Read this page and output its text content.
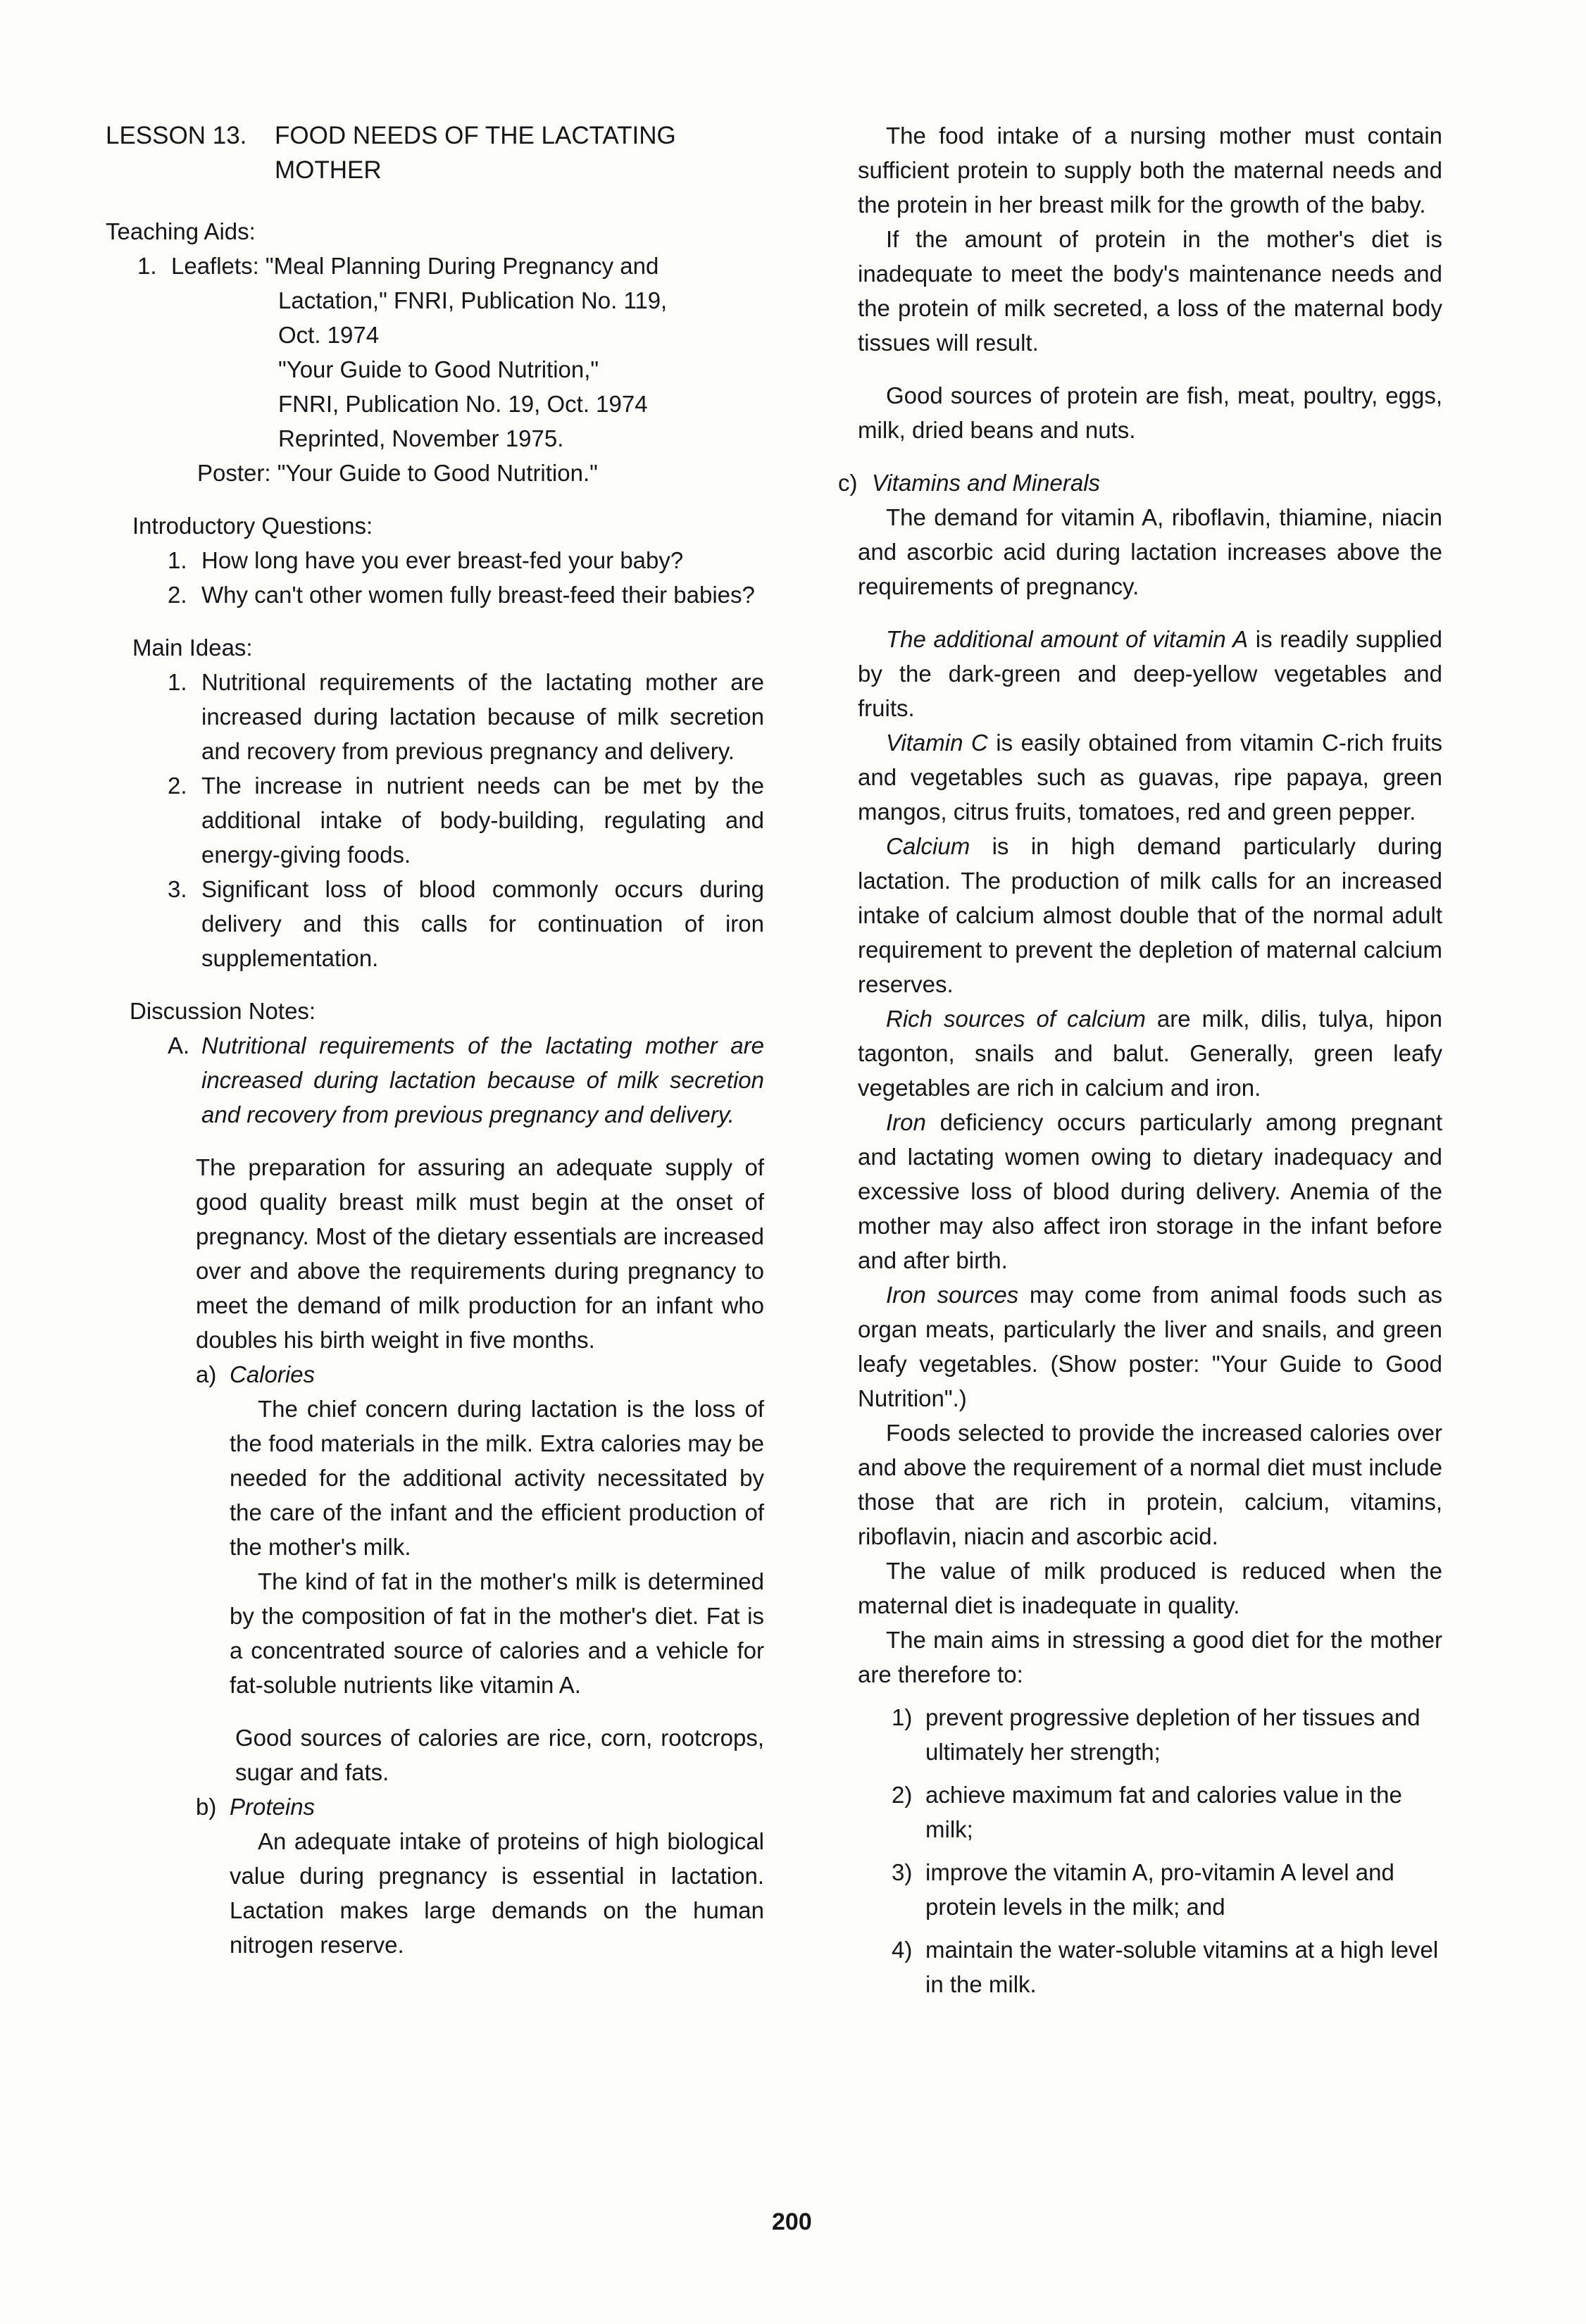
LESSON 13.	FOOD NEEDS OF THE LACTATING
MOTHER

Teaching Aids:

1. Leaflets: "Meal Planning During Pregnancy and

Lactation," FNRI, Publication No. 119,

Oct. 1974

"Your Guide to Good Nutrition,"

FNRI, Publication No. 19, Oct. 1974

Reprinted, November 1975.

Poster: "Your Guide to Good Nutrition."

Introductory Questions:

1. How long have you ever breast-fed your baby?
2. Why can't other women fully breast-feed their babies?

Main Ideas:

1. Nutritional requirements of the lactating mother are increased during lactation because of milk secretion and recovery from previous pregnancy and delivery.
2. The increase in nutrient needs can be met by the additional intake of body-building, regulating and energy-giving foods.
3. Significant loss of blood commonly occurs during delivery and this calls for continuation of iron supplementation.

Discussion Notes:

A. Nutritional requirements of the lactating mother are increased during lactation because of milk secretion and recovery from previous pregnancy and delivery.

The preparation for assuring an adequate supply of good quality breast milk must begin at the onset of pregnancy. Most of the dietary essentials are increased over and above the requirements during pregnancy to meet the demand of milk production for an infant who doubles his birth weight in five months.

a) Calories

The chief concern during lactation is the loss of the food materials in the milk. Extra calories may be needed for the additional activity necessitated by the care of the infant and the efficient production of the mother's milk.

The kind of fat in the mother's milk is determined by the composition of fat in the mother's diet. Fat is a concentrated source of calories and a vehicle for fat-soluble nutrients like vitamin A.

Good sources of calories are rice, corn, rootcrops, sugar and fats.

b) Proteins

An adequate intake of proteins of high biological value during pregnancy is essential in lactation. Lactation makes large demands on the human nitrogen reserve.

The food intake of a nursing mother must contain sufficient protein to supply both the maternal needs and the protein in her breast milk for the growth of the baby.

If the amount of protein in the mother's diet is inadequate to meet the body's maintenance needs and the protein of milk secreted, a loss of the maternal body tissues will result.

Good sources of protein are fish, meat, poultry, eggs, milk, dried beans and nuts.

c) Vitamins and Minerals

The demand for vitamin A, riboflavin, thiamine, niacin and ascorbic acid during lactation increases above the requirements of pregnancy.

The additional amount of vitamin A is readily supplied by the dark-green and deep-yellow vegetables and fruits.

Vitamin C is easily obtained from vitamin C-rich fruits and vegetables such as guavas, ripe papaya, green mangos, citrus fruits, tomatoes, red and green pepper.

Calcium is in high demand particularly during lactation. The production of milk calls for an increased intake of calcium almost double that of the normal adult requirement to prevent the depletion of maternal calcium reserves.

Rich sources of calcium are milk, dilis, tulya, hipon tagonton, snails and balut. Generally, green leafy vegetables are rich in calcium and iron.

Iron deficiency occurs particularly among pregnant and lactating women owing to dietary inadequacy and excessive loss of blood during delivery. Anemia of the mother may also affect iron storage in the infant before and after birth.

Iron sources may come from animal foods such as organ meats, particularly the liver and snails, and green leafy vegetables. (Show poster: "Your Guide to Good Nutrition".)

Foods selected to provide the increased calories over and above the requirement of a normal diet must include those that are rich in protein, calcium, vitamins, riboflavin, niacin and ascorbic acid.

The value of milk produced is reduced when the maternal diet is inadequate in quality.

The main aims in stressing a good diet for the mother are therefore to:

1) prevent progressive depletion of her tissues and ultimately her strength;
2) achieve maximum fat and calories value in the milk;
3) improve the vitamin A, pro-vitamin A level and protein levels in the milk; and
4) maintain the water-soluble vitamins at a high level in the milk.
200
